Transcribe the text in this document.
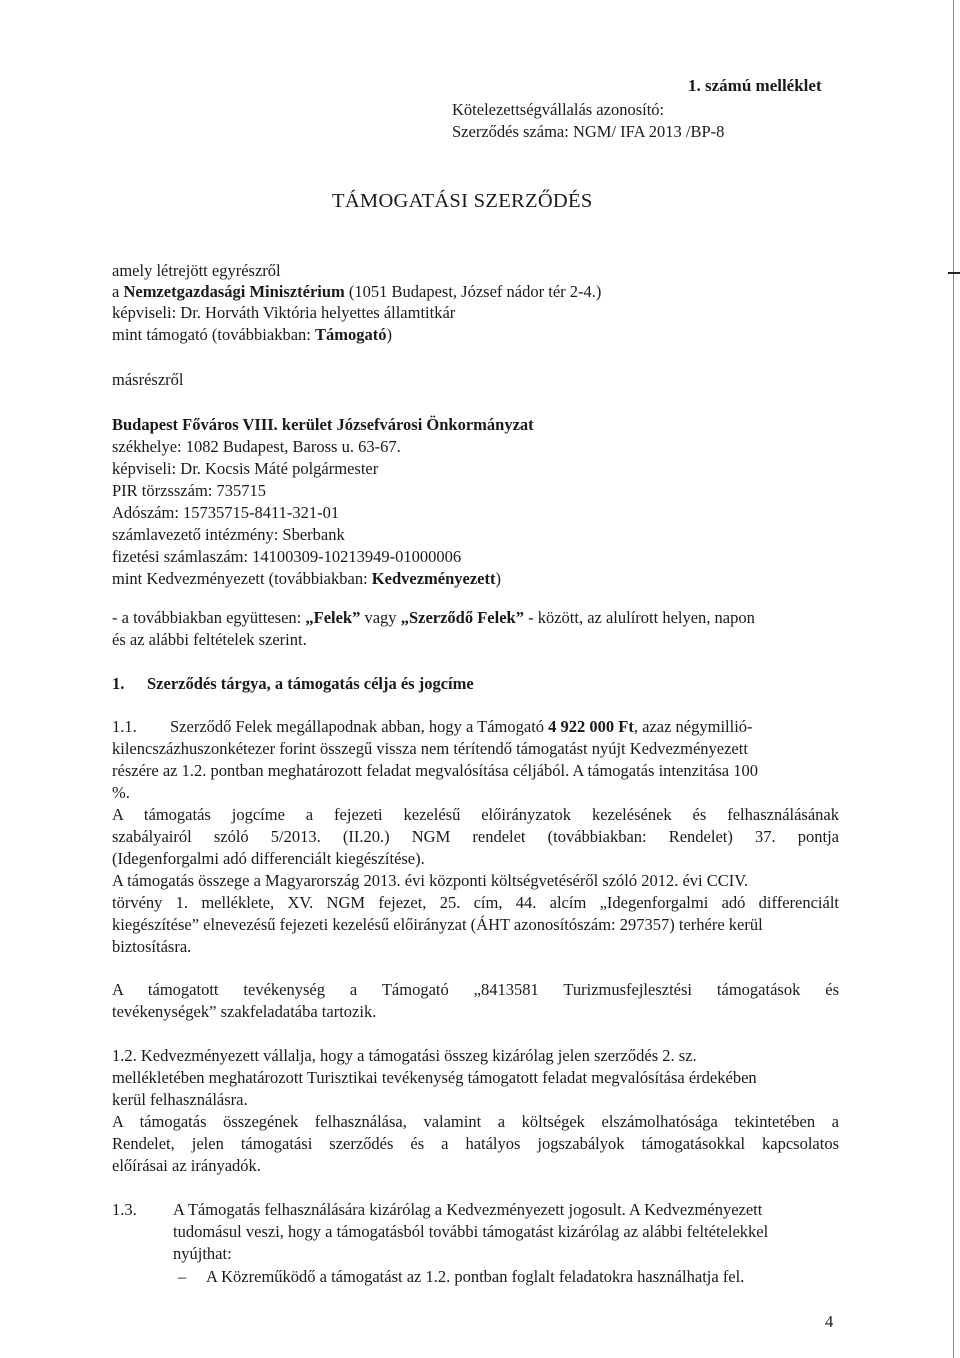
1. számú melléklet
Kötelezettségvállalás azonosító:
Szerződés száma: NGM/ IFA 2013 /BP-8
TÁMOGATÁSI SZERZŐDÉS
amely létrejött egyrészről
a Nemzetgazdasági Minisztérium (1051 Budapest, József nádor tér 2-4.)
képviseli: Dr. Horváth Viktória helyettes államtitkár
mint támogató (továbbiakban: Támogató)
másrészről
Budapest Főváros VIII. kerület Józsefvárosi Önkormányzat
székhelye: 1082 Budapest, Baross u. 63-67.
képviseli: Dr. Kocsis Máté polgármester
PIR törzsszám: 735715
Adószám: 15735715-8411-321-01
számlavezető intézmény: Sberbank
fizetési számlaszám: 14100309-10213949-01000006
mint Kedvezményezett (továbbiakban: Kedvezményezett)
- a továbbiakban együttesen: „Felek” vagy „Szerződő Felek” - között, az alulírott helyen, napon
és az alábbi feltételek szerint.
1. Szerződés tárgya, a támogatás célja és jogcíme
1.1. Szerződő Felek megállapodnak abban, hogy a Támogató 4 922 000 Ft, azaz négymillió-
kilencszázhuszonkétezer forint összegű vissza nem térítendő támogatást nyújt Kedvezményezett
részére az 1.2. pontban meghatározott feladat megvalósítása céljából. A támogatás intenzitása 100
%.
A támogatás jogcíme a fejezeti kezelésű előirányzatok kezelésének és felhasználásának
szabályairól szóló 5/2013. (II.20.) NGM rendelet (továbbiakban: Rendelet) 37. pontja
(Idegenforgalmi adó differenciált kiegészítése).
A támogatás összege a Magyarország 2013. évi központi költségvetéséről szóló 2012. évi CCIV.
törvény 1. melléklete, XV. NGM fejezet, 25. cím, 44. alcím „Idegenforgalmi adó differenciált
kiegészítése” elnevezésű fejezeti kezelésű előirányzat (ÁHT azonosítószám: 297357) terhére kerül
biztosításra.
A támogatott tevékenység a Támogató „8413581 Turizmusfejlesztési támogatások és
tevékenységek” szakfeladatába tartozik.
1.2. Kedvezményezett vállalja, hogy a támogatási összeg kizárólag jelen szerződés 2. sz.
mellékletében meghatározott Turisztikai tevékenység támogatott feladat megvalósítása érdekében
kerül felhasználásra.
A támogatás összegének felhasználása, valamint a költségek elszámolhatósága tekintetében a
Rendelet, jelen támogatási szerződés és a hatályos jogszabályok támogatásokkal kapcsolatos
előírásai az irányadók.
1.3. A Támogatás felhasználására kizárólag a Kedvezményezett jogosult. A Kedvezményezett
tudomásul veszi, hogy a támogatásból további támogatást kizárólag az alábbi feltételekkel
nyújthat:
– A Közreműködő a támogatást az 1.2. pontban foglalt feladatokra használhatja fel.
4
